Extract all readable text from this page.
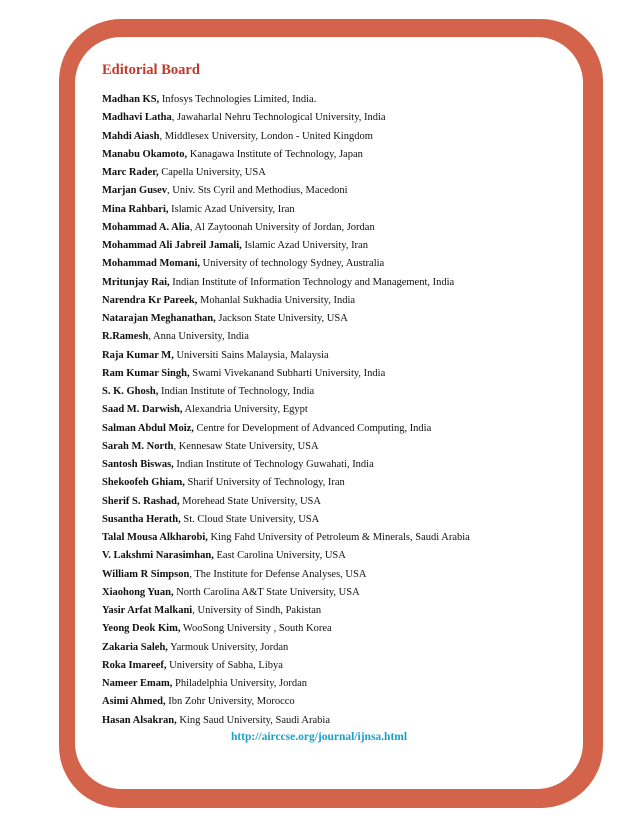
Editorial Board
Madhan KS, Infosys Technologies Limited, India.
Madhavi Latha, Jawaharlal Nehru Technological University, India
Mahdi Aiash, Middlesex University, London - United Kingdom
Manabu Okamoto, Kanagawa Institute of Technology, Japan
Marc Rader, Capella University, USA
Marjan Gusev, Univ. Sts Cyril and Methodius, Macedoni
Mina Rahbari, Islamic Azad University, Iran
Mohammad A. Alia, Al Zaytoonah University of Jordan, Jordan
Mohammad Ali Jabreil Jamali, Islamic Azad University, Iran
Mohammad Momani, University of technology Sydney, Australia
Mritunjay Rai, Indian Institute of Information Technology and Management, India
Narendra Kr Pareek, Mohanlal Sukhadia University, India
Natarajan Meghanathan, Jackson State University, USA
R.Ramesh, Anna University, India
Raja Kumar M, Universiti Sains Malaysia, Malaysia
Ram Kumar Singh, Swami Vivekanand Subharti University, India
S. K. Ghosh, Indian Institute of Technology, India
Saad M. Darwish, Alexandria University, Egypt
Salman Abdul Moiz, Centre for Development of Advanced Computing, India
Sarah M. North, Kennesaw State University, USA
Santosh Biswas, Indian Institute of Technology Guwahati, India
Shekoofeh Ghiam, Sharif University of Technology, Iran
Sherif S. Rashad, Morehead State University, USA
Susantha Herath, St. Cloud State University, USA
Talal Mousa Alkharobi, King Fahd University of Petroleum & Minerals, Saudi Arabia
V. Lakshmi Narasimhan, East Carolina University, USA
William R Simpson, The Institute for Defense Analyses, USA
Xiaohong Yuan, North Carolina A&T State University, USA
Yasir Arfat Malkani, University of Sindh, Pakistan
Yeong Deok Kim, WooSong University , South Korea
Zakaria Saleh, Yarmouk University, Jordan
Roka Imareef, University of Sabha, Libya
Nameer Emam, Philadelphia University, Jordan
Asimi Ahmed, Ibn Zohr University, Morocco
Hasan Alsakran, King Saud University, Saudi Arabia
http://airccse.org/journal/ijnsa.html
